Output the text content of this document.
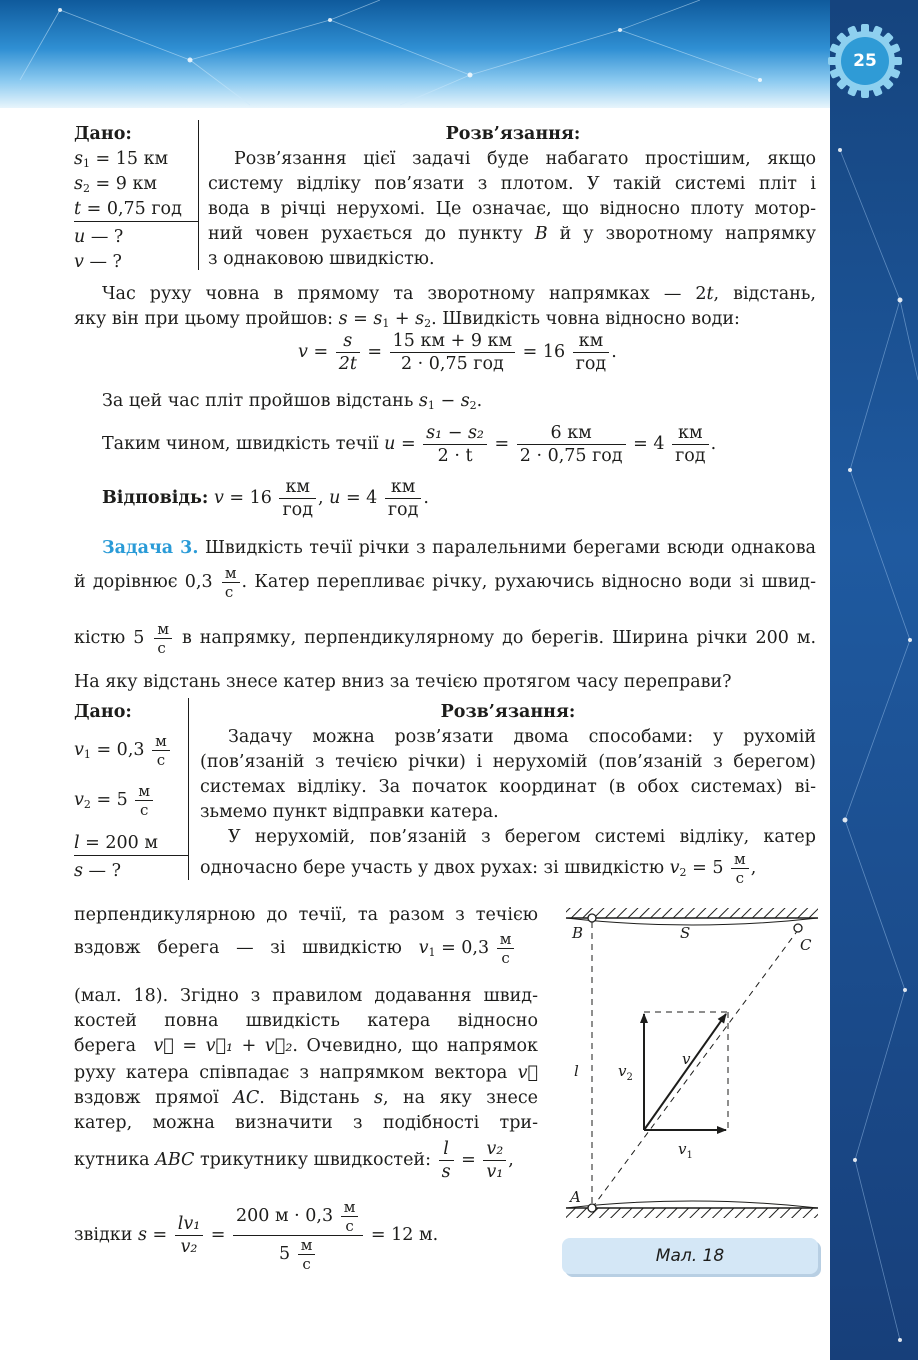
25
Дано:
$s_1 = 15$ км
$s_2 = 9$ км
t = 0,75 год
u — ?
v — ?
Розв’язання:
Розв’язання цієї задачі буде набагато простішим, якщо
систему відліку пов’язати з плотом. У такій системі пліт і
вода в річці нерухомі. Це означає, що відносно плоту мотор-
ний човен рухається до пункту B й у зворотному напрямку
з однаковою швидкістю.
Час руху човна в прямому та зворотному напрямках — 2t, відстань,
яку він при цьому пройшов: $s = s_1 + s_2$. Швидкість човна відносно води:
$v = \frac{s}{2t} = \frac{15 км + 9 км}{\text{2 · 0,75 год}} = 16 \frac{км}{\text{год}}$ .
За цей час пліт пройшов відстань $s_1 - s_2$.
Таким чином, швидкість течії $u = \frac{\text{s₁ − s₂}}{2 \cdot t} = \frac{6 км}{\text{2 · 0,75 год}} = 4 \frac{км}{\text{год}}$ .
Відповідь: $v = 16 \frac{км}{\text{год}}$ , $u = 4 \frac{км}{\text{год}}$ .
Задача 3. Швидкість течії річки з паралельними берегами всюди однакова
й дорівнює $0,3 \frac{м}{с}$ . Катер перепливає річку, рухаючись відносно води зі швид-
кістю $5 \frac{м}{с}$ в напрямку, перпендикулярному до берегів. Ширина річки 200 м.
На яку відстань знесе катер вниз за течією протягом часу переправи?
Дано:
$v_1 = 0,3 \frac{м}{с}$
$v_2 = 5 \frac{м}{с}$
l = 200 м
s — ?
Розв’язання:
Задачу можна розв’язати двома способами: у рухомій
(пов’язаній з течією річки) і нерухомій (пов’язаній з берегом)
системах відліку. За початок координат (в обох системах) ві-
зьмемо пункт відправки катера.
У нерухомій, пов’язаній з берегом системі відліку, катер
одночасно бере участь у двох рухах: зі швидкістю $v_2 = 5 \frac{м}{с}$ ,
перпендикулярною до течії, та разом з течією
вздовж   берега   —   зі   швидкістю   $v_1 = 0,3 \frac{м}{с}$
(мал. 18). Згідно з правилом додавання швид-
костей повна швидкість катера відносно
берега  v⃗ = v⃗₁ + v⃗₂. Очевидно, що напрямок
руху катера співпадає з напрямком вектора v⃗
вздовж прямої AC. Відстань s, на яку знесе
катер, можна визначити з подібності три-
кутника ABC трикутнику швидкостей: $\frac{l}{s} = \frac{\text{v₂}}{\text{v₁}}$ ,
звідки $s = \frac{\text{lv₁}}{\text{v₂}} = \frac{200 м \cdot 0,3 \frac{м}{с}}{5 \frac{м}{с}} = 12$ м.
B	S
C
l	$v_2$
v
$v_1$
A
Мал. 18
